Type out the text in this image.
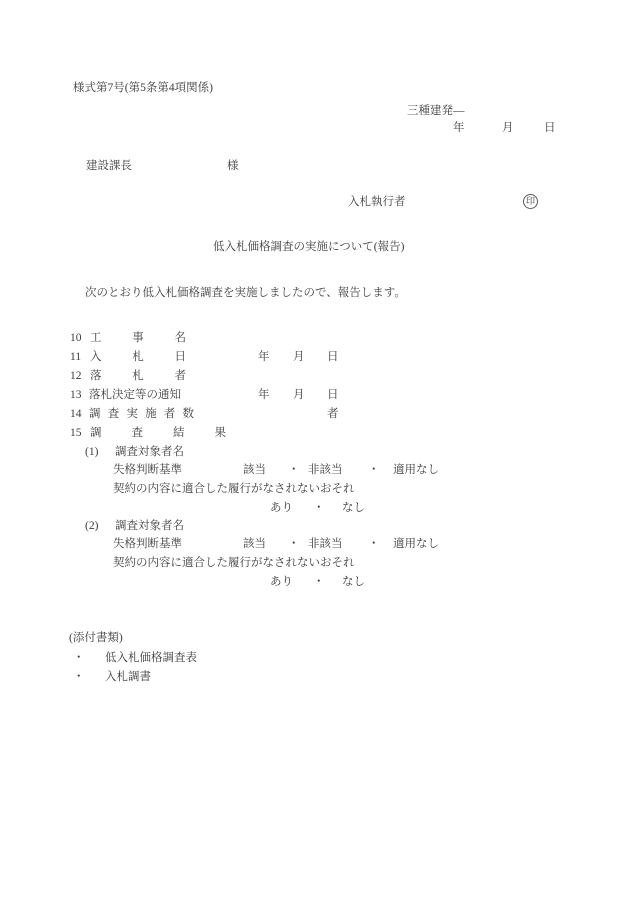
様式第7号(第5条第4項関係)
三種建発―
年	月	日
建設課長	様
入札執行者	印
低入札価格調査の実施について(報告)
次のとおり低入札価格調査を実施しましたので、報告します。
10 工	事	名
11 入	札	日	年 月 日
12 落	札	者
13 落札決定等の通知	年 月 日
14 調 査 実 施 者 数	者
15 調	査	結	果
(1) 調査対象者名
失格判断基準	該当 ・ 非該当 ・ 適用なし
契約の内容に適合した履行がなされないおそれ
あり ・ なし
(2) 調査対象者名
失格判断基準	該当 ・ 非該当 ・ 適用なし
契約の内容に適合した履行がなされないおそれ
あり ・ なし
(添付書類)
・ 低入札価格調査表
・ 入札調書
